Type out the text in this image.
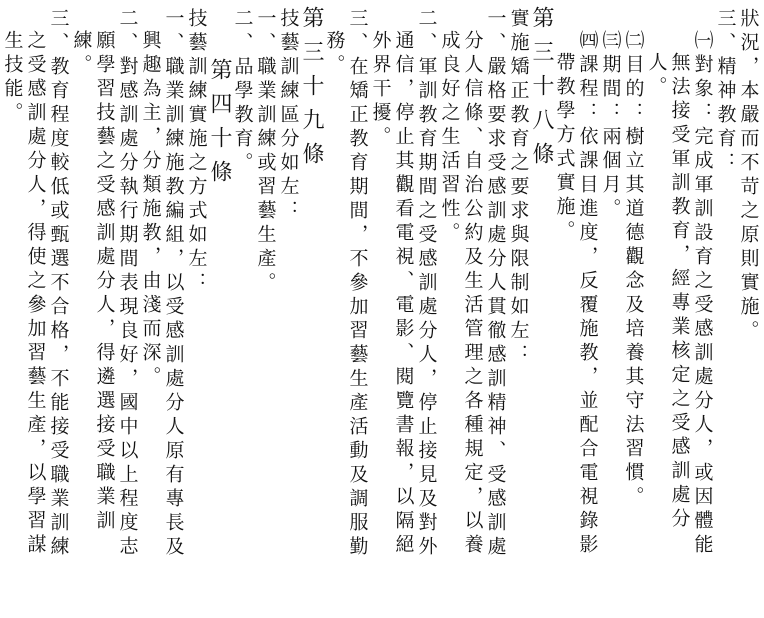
狀況，本嚴而不苛之原則實施。
三、精神教育：
㈠對象：完成軍訓設育之受感訓處分人，或因體能
無法接受軍訓教育，經專業核定之受感訓處分
人。
㈡目的：樹立其道德觀念及培養其守法習慣。
㈢期間：兩個月。
㈣課程：依課目進度，反覆施教，並配合電視錄影
帶教學方式實施。
第三十八條
實施矯正教育之要求與限制如左：
一、嚴格要求受感訓處分人貫徹感訓精神、受感訓處
分人信條、自治公約及生活管理之各種規定，以養
成良好之生活習性。
二、軍訓教育期間之受感訓處分人，停止接見及對外
通信，停止其觀看電視、電影、閱覽書報，以隔絕
外界干擾。
三、在矯正教育期間，不參加習藝生產活動及調服勤
務。
第三十九條
技藝訓練區分如左：
一、職業訓練或習藝生產。
二、品學教育。
第四十條
技藝訓練實施之方式如左：
一、職業訓練施教編組，以受感訓處分人原有專長及
興趣為主，分類施教，由淺而深。
二、對感訓處分執行期間表現良好，國中以上程度志
願學習技藝之受感訓處分人，得遴選接受職業訓
練。
三、教育程度較低或甄選不合格，不能接受職業訓練
之受感訓處分人，得使之參加習藝生產，以學習謀
生技能。
